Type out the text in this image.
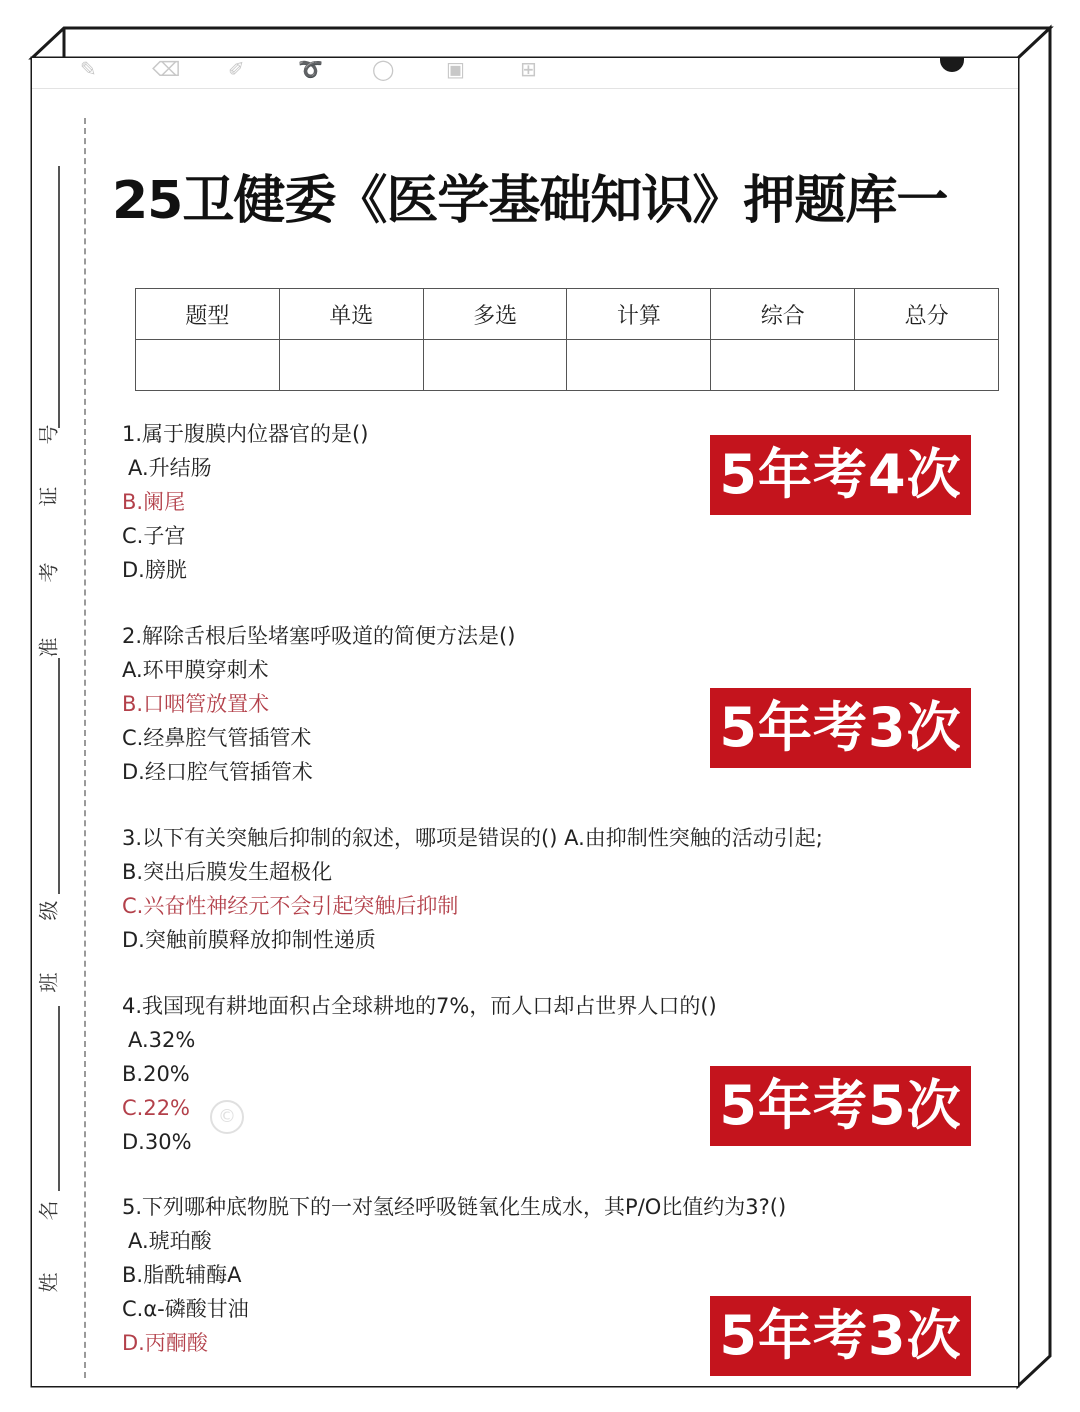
✎	⌫ ✐	➰ ◯	▣	⊞
号
证
考
准
级
班
名
姓
25卫健委《医学基础知识》押题库一
题型	单选	多选	计算	综合	总分

1.属于腹膜内位器官的是()
A.升结肠
B.阑尾
C.子宫
D.膀胱
5年考4次
2.解除舌根后坠堵塞呼吸道的简便方法是()
A.环甲膜穿刺术
B.口咽管放置术
C.经鼻腔气管插管术
D.经口腔气管插管术
5年考3次
3.以下有关突触后抑制的叙述，哪项是错误的() A.由抑制性突触的活动引起;
B.突出后膜发生超极化
C.兴奋性神经元不会引起突触后抑制
D.突触前膜释放抑制性递质
4.我国现有耕地面积占全球耕地的7%，而人口却占世界人口的()
A.32%
B.20%
C.22%
D.30%
©	5年考5次
5.下列哪种底物脱下的一对氢经呼吸链氧化生成水，其P/O比值约为3?()
A.琥珀酸
B.脂酰辅酶A
C.α-磷酸甘油
D.丙酮酸	5年考3次
